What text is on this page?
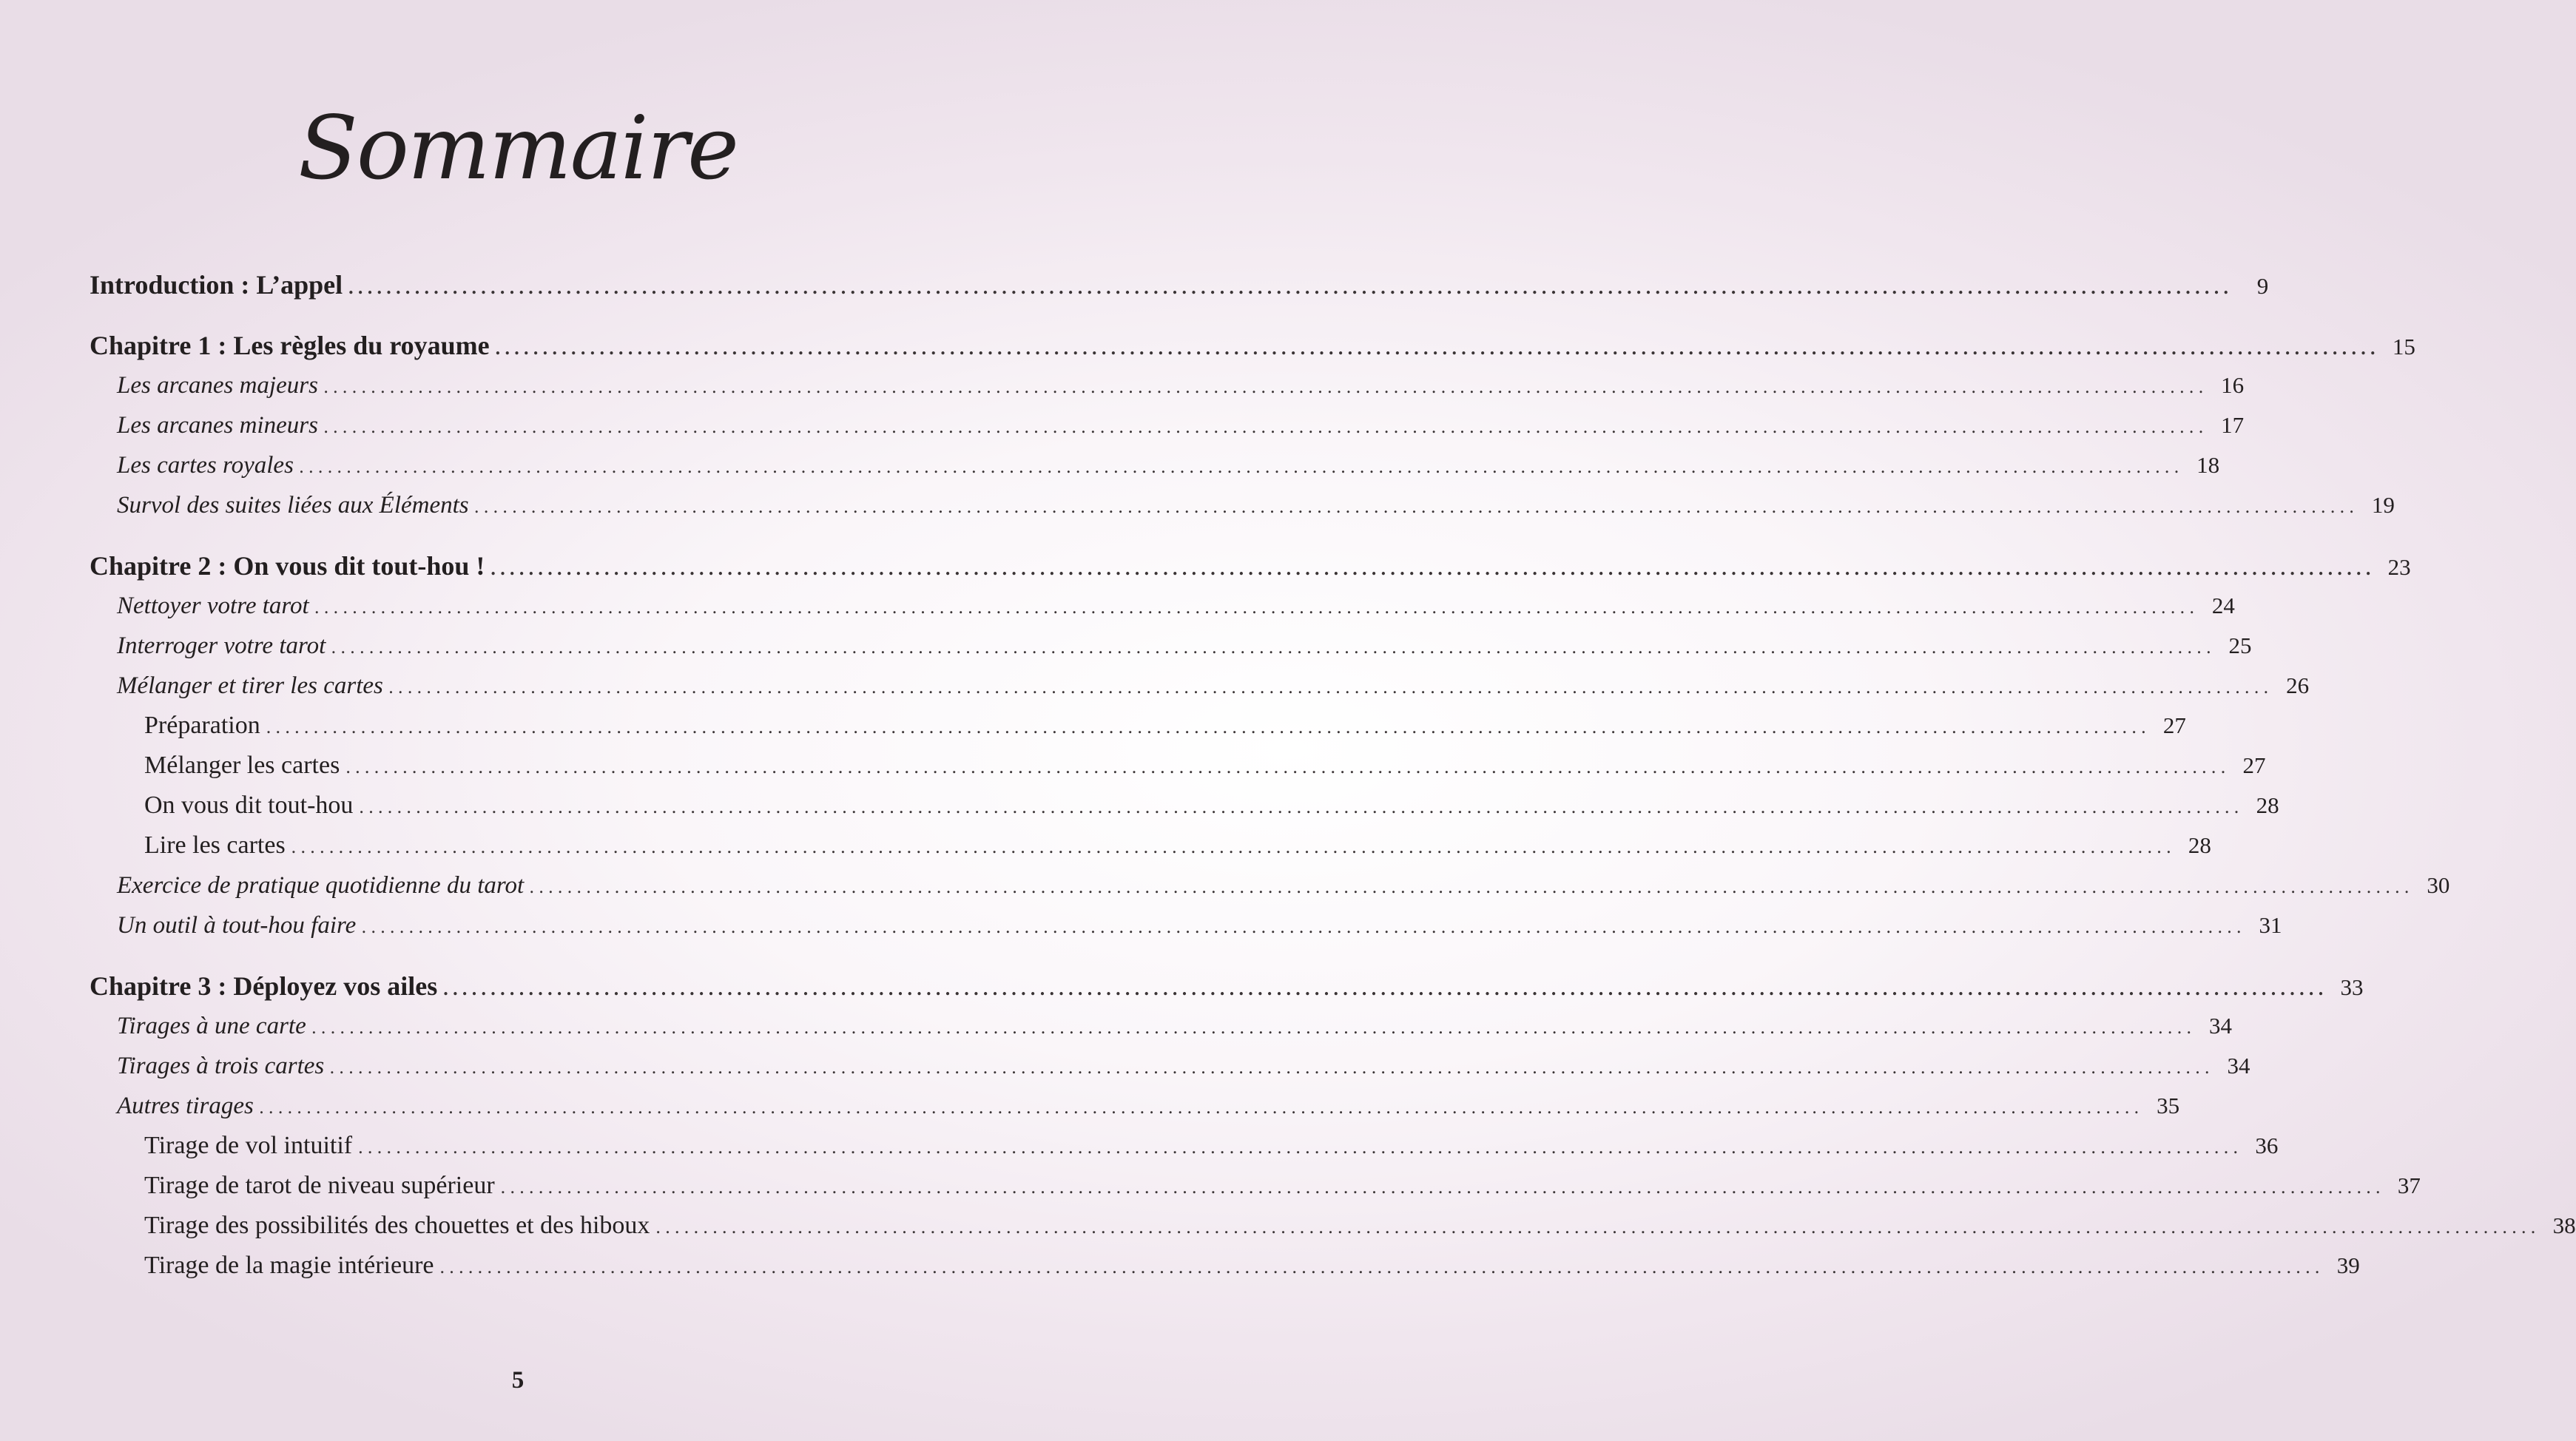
Sommaire
Introduction : L’appel .......................................................................................................................................................................................................	9
Chapitre 1 : Les règles du royaume ....................................................................................................................................................................................................... 15
Les arcanes majeurs ....................................................................................................................................................................................................... 16
Les arcanes mineurs ....................................................................................................................................................................................................... 17
Les cartes royales ....................................................................................................................................................................................................... 18
Survol des suites liées aux Éléments ....................................................................................................................................................................................................... 19
Chapitre 2 : On vous dit tout-hou ! ....................................................................................................................................................................................................... 23
Nettoyer votre tarot ....................................................................................................................................................................................................... 24
Interroger votre tarot ....................................................................................................................................................................................................... 25
Mélanger et tirer les cartes ....................................................................................................................................................................................................... 26
Préparation ....................................................................................................................................................................................................... 27
Mélanger les cartes ....................................................................................................................................................................................................... 27
On vous dit tout-hou ....................................................................................................................................................................................................... 28
Lire les cartes ....................................................................................................................................................................................................... 28
Exercice de pratique quotidienne du tarot ....................................................................................................................................................................................................... 30
Un outil à tout-hou faire ....................................................................................................................................................................................................... 31
Chapitre 3 : Déployez vos ailes ....................................................................................................................................................................................................... 33
Tirages à une carte ....................................................................................................................................................................................................... 34
Tirages à trois cartes ....................................................................................................................................................................................................... 34
Autres tirages ....................................................................................................................................................................................................... 35
Tirage de vol intuitif ....................................................................................................................................................................................................... 36
Tirage de tarot de niveau supérieur ....................................................................................................................................................................................................... 37
Tirage des possibilités des chouettes et des hiboux ....................................................................................................................................................................................................... 38
Tirage de la magie intérieure ....................................................................................................................................................................................................... 39
5
